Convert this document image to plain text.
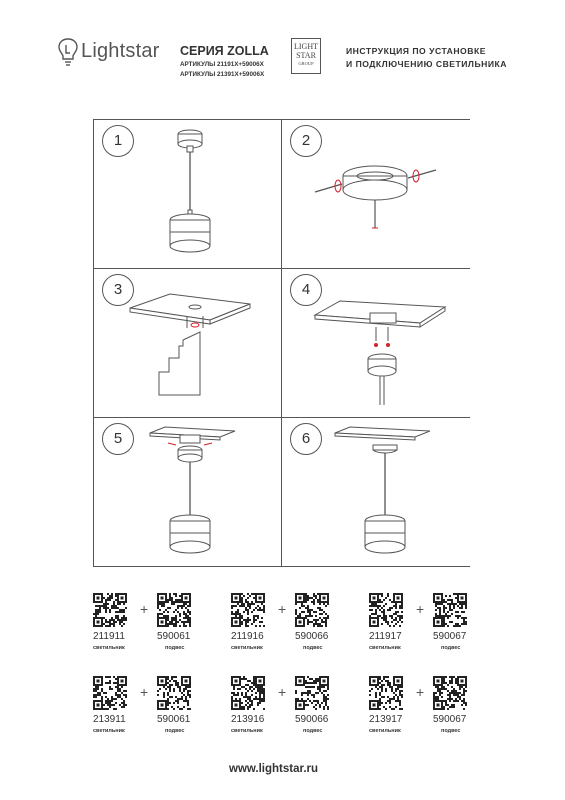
Lightstar СЕРИЯ ZOLLA
АРТИКУЛЫ 21191X+59006X
АРТИКУЛЫ 21391X+59006X
LIGHT
STAR
GROUP
ИНСТРУКЦИЯ ПО УСТАНОВКЕ
И ПОДКЛЮЧЕНИЮ СВЕТИЛЬНИКА
1	2
3	4
5	6
+
211911
светильник
590061
подвес
+
211916
светильник
590066
подвес
+
211917
светильник
590067
подвес
+
213911
светильник
590061
подвес
+
213916
светильник
590066
подвес
+
213917
светильник
590067
подвес
www.lightstar.ru
